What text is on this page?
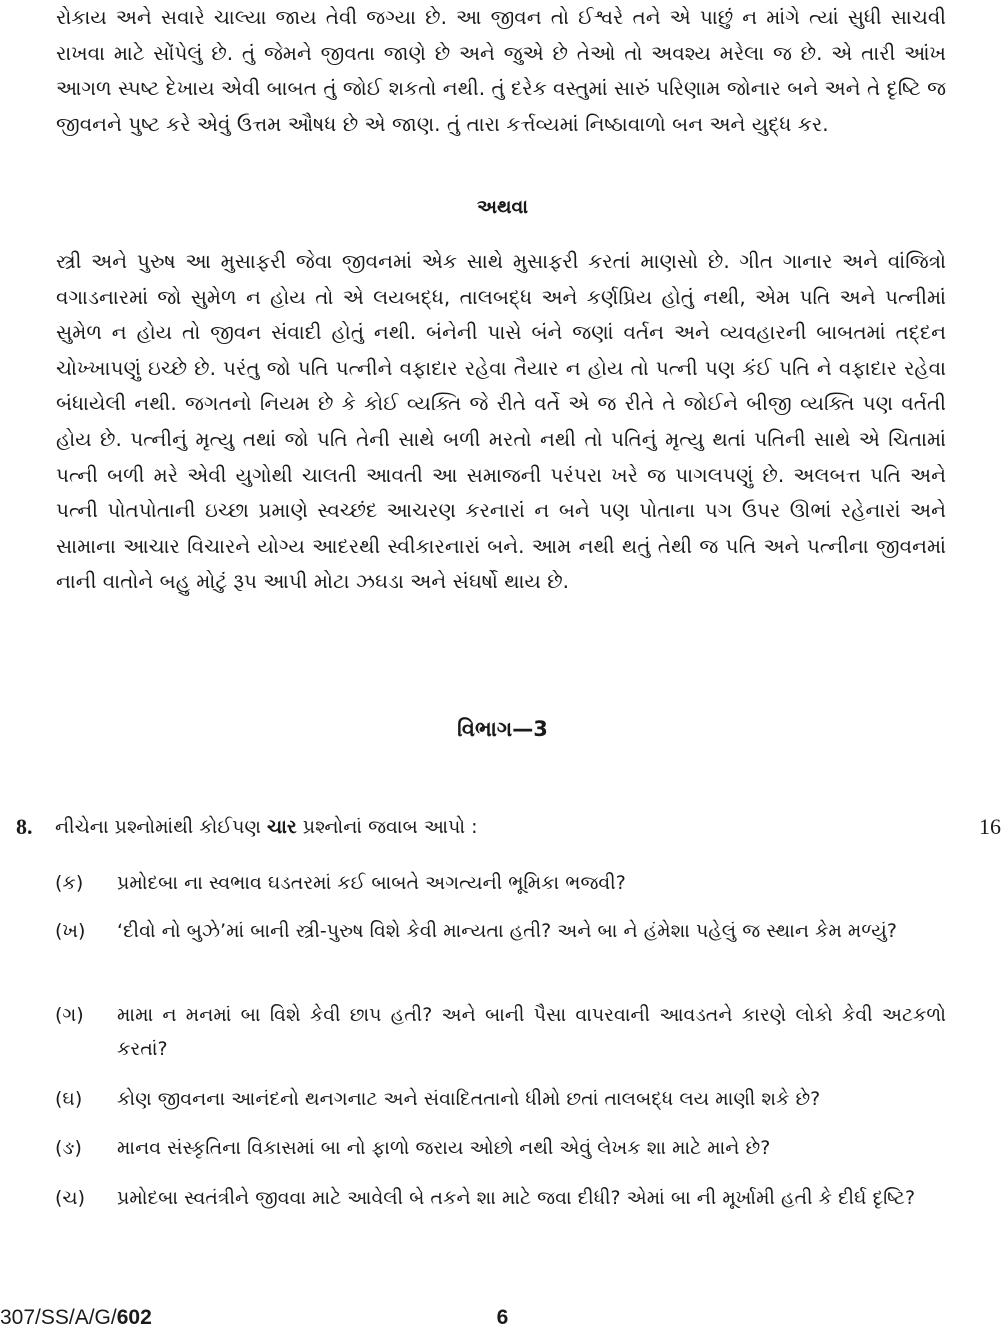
રોકાય અને સવારે ચાલ્યા જાય તેવી જગ્યા છે. આ જીવન તો ઈશ્વરે તને એ પાછું ન માંગે ત્યાં સુધી સાચવી રાખવા માટે સોંપેલું છે. તું જેમને જીવતા જાણે છે અને જુએ છે તેઓ તો અવશ્ય મરેલા જ છે. એ તારી આંખ આગળ સ્પષ્ટ દેખાય એવી બાબત તું જોઈ શકતો નથી. તું દરેક વસ્તુમાં સારું પરિણામ જોનાર બને અને તે દૃષ્ટિ જ જીવનને પુષ્ટ કરે એવું ઉત્તમ ઔષધ છે એ જાણ. તું તારા કર્ત્તવ્યમાં નિષ્ઠાવાળો બન અને યુદ્ધ કર.

અથવા

સ્ત્રી અને પુરુષ આ મુસાફરી જેવા જીવનમાં એક સાથે મુસાફરી કરતાં માણસો છે. ગીત ગાનાર અને વાંજિત્રો વગાડનારમાં જો સુમેળ ન હોય તો એ લયબદ્ધ, તાલબદ્ધ અને કર્ણપ્રિય હોતું નથી, એમ પતિ અને પત્નીમાં સુમેળ ન હોય તો જીવન સંવાદી હોતું નથી. બંનેની પાસે બંને જણાં વર્તન અને વ્યવહારની બાબતમાં તદ્દન ચોખ્ખાપણું ઇચ્છે છે. પરંતુ જો પતિ પત્નીને વફાદાર રહેવા તૈયાર ન હોય તો પત્ની પણ કંઈ પતિ ને વફાદાર રહેવા બંધાયેલી નથી. જગતનો નિયમ છે કે કોઈ વ્યક્તિ જે રીતે વર્તે એ જ રીતે તે જોઈને બીજી વ્યક્તિ પણ વર્તતી હોય છે. પત્નીનું મૃત્યુ તથાં જો પતિ તેની સાથે બળી મરતો નથી તો પતિનું મૃત્યુ થતાં પતિની સાથે એ ચિતામાં પત્ની બળી મરે એવી યુગોથી ચાલતી આવતી આ સમાજની પરંપરા ખરે જ પાગલપણું છે. અલબત્ત પતિ અને પત્ની પોતપોતાની ઇચ્છા પ્રમાણે સ્વચ્છંદ આચરણ કરનારાં ન બને પણ પોતાના પગ ઉપર ઊભાં રહેનારાં અને સામાના આચાર વિચારને યોગ્ય આદરથી સ્વીકારનારાં બને. આમ નથી થતું તેથી જ પતિ અને પત્નીના જીવનમાં નાની વાતોને બહુ મોટું રૂપ આપી મોટા ઝઘડા અને સંઘર્ષો થાય છે.

વિભાગ—3

8. નીચેના પ્રશ્નોમાંથી કોઈપણ ચાર પ્રશ્નોનાં જવાબ આપો :	16
(ક) પ્રમોદબા ના સ્વભાવ ઘડતરમાં કઈ બાબતે અગત્યની ભૂમિકા ભજવી?
(ખ) ‘દીવો નો બુઝે’માં બાની સ્ત્રી-પુરુષ વિશે કેવી માન્યતા હતી? અને બા ને હંમેશા પહેલું જ સ્થાન કેમ મળ્યું?
(ગ) મામા ન મનમાં બા વિશે કેવી છાપ હતી? અને બાની પૈસા વાપરવાની આવડતને કારણે લોકો કેવી અટકળો કરતાં?
(ઘ) કોણ જીવનના આનંદનો થનગનાટ અને સંવાદિતતાનો ધીમો છતાં તાલબદ્ધ લય માણી શકે છે?
(ઙ) માનવ સંસ્કૃતિના વિકાસમાં બા નો ફાળો જરાય ઓછો નથી એવું લેખક શા માટે માને છે?
(ચ) પ્રમોદબા સ્વતંત્રીને જીવવા માટે આવેલી બે તકને શા માટે જવા દીધી? એમાં બા ની મૂર્ખામી હતી કે દીર્ઘ દૃષ્ટિ?
307/SS/A/G/602	6
